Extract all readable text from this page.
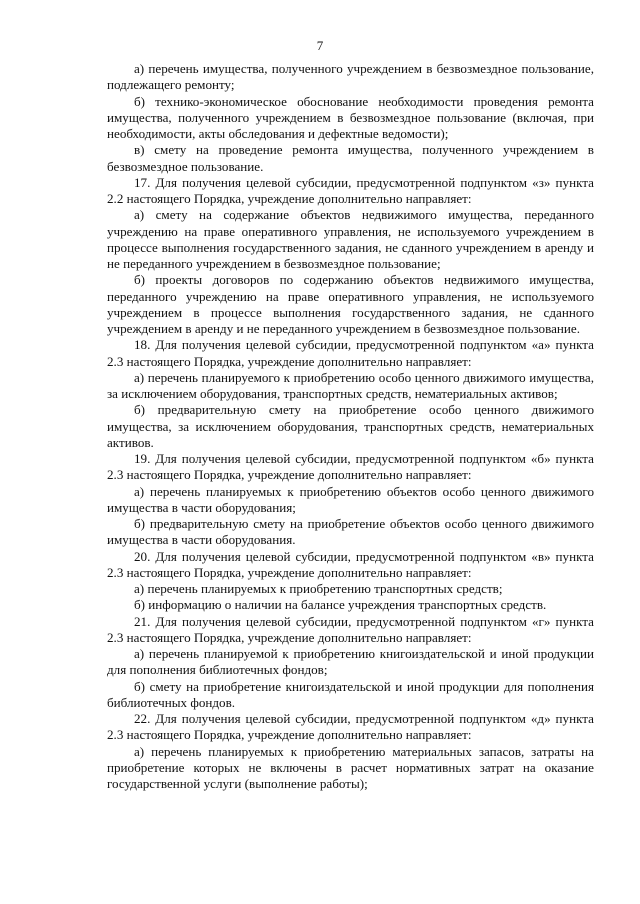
7

а) перечень имущества, полученного учреждением в безвозмездное пользование, подлежащего ремонту;

б) технико-экономическое обоснование необходимости проведения ремонта имущества, полученного учреждением в безвозмездное пользование (включая, при необходимости, акты обследования и дефектные ведомости);

в) смету на проведение ремонта имущества, полученного учреждением в безвозмездное пользование.

17. Для получения целевой субсидии, предусмотренной подпунктом «з» пункта 2.2 настоящего Порядка, учреждение дополнительно направляет:

а) смету на содержание объектов недвижимого имущества, переданного учреждению на праве оперативного управления, не используемого учреждением в процессе выполнения государственного задания, не сданного учреждением в аренду и не переданного учреждением в безвозмездное пользование;

б) проекты договоров по содержанию объектов недвижимого имущества, переданного учреждению на праве оперативного управления, не используемого учреждением в процессе выполнения государственного задания, не сданного учреждением в аренду и не переданного учреждением в безвозмездное пользование.

18. Для получения целевой субсидии, предусмотренной подпунктом «а» пункта 2.3 настоящего Порядка, учреждение дополнительно направляет:

а) перечень планируемого к приобретению особо ценного движимого имущества, за исключением оборудования, транспортных средств, нематериальных активов;

б) предварительную смету на приобретение особо ценного движимого имущества, за исключением оборудования, транспортных средств, нематериальных активов.

19. Для получения целевой субсидии, предусмотренной подпунктом «б» пункта 2.3 настоящего Порядка, учреждение дополнительно направляет:

а) перечень планируемых к приобретению объектов особо ценного движимого имущества в части оборудования;

б) предварительную смету на приобретение объектов особо ценного движимого имущества в части оборудования.

20. Для получения целевой субсидии, предусмотренной подпунктом «в» пункта 2.3 настоящего Порядка, учреждение дополнительно направляет:

а) перечень планируемых к приобретению транспортных средств;

б) информацию о наличии на балансе учреждения транспортных средств.

21. Для получения целевой субсидии, предусмотренной подпунктом «г» пункта 2.3 настоящего Порядка, учреждение дополнительно направляет:

а) перечень планируемой к приобретению книгоиздательской и иной продукции для пополнения библиотечных фондов;

б) смету на приобретение книгоиздательской и иной продукции для пополнения библиотечных фондов.

22. Для получения целевой субсидии, предусмотренной подпунктом «д» пункта 2.3 настоящего Порядка, учреждение дополнительно направляет:

а) перечень планируемых к приобретению материальных запасов, затраты на приобретение которых не включены в расчет нормативных затрат на оказание государственной услуги (выполнение работы);
